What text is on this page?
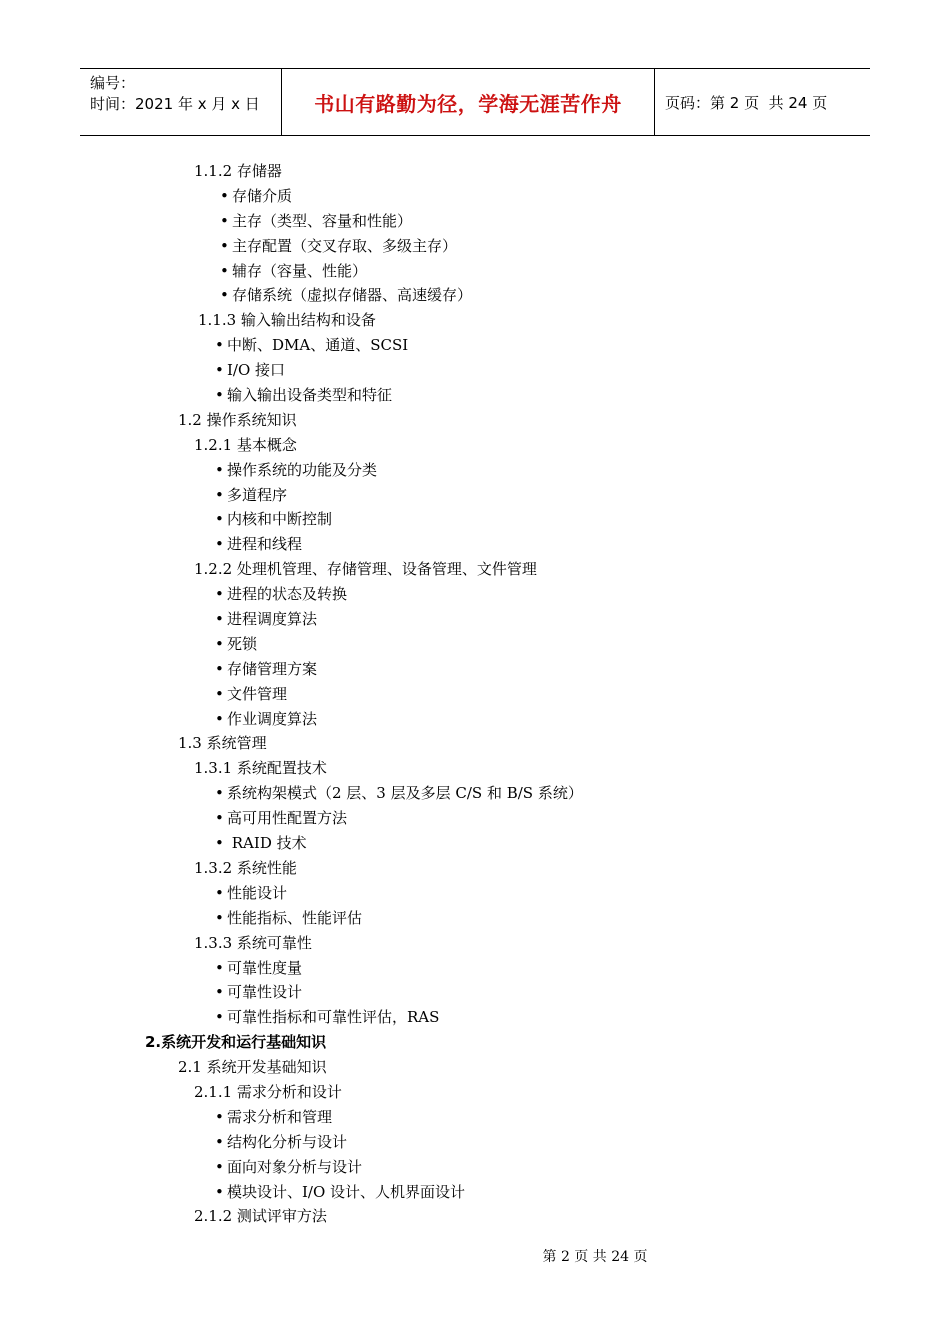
编号：
时间：2021 年 x 月 x 日	书山有路勤为径，学海无涯苦作舟	页码：第 2 页  共 24 页
1.1.2 存储器
• 存储介质
• 主存（类型、容量和性能）
• 主存配置（交叉存取、多级主存）
• 辅存（容量、性能）
• 存储系统（虚拟存储器、高速缓存）
1.1.3 输入输出结构和设备
• 中断、DMA、通道、SCSI
• I/O 接口
• 输入输出设备类型和特征
1.2 操作系统知识
1.2.1 基本概念
• 操作系统的功能及分类
• 多道程序
• 内核和中断控制
• 进程和线程
1.2.2 处理机管理、存储管理、设备管理、文件管理
• 进程的状态及转换
• 进程调度算法
• 死锁
• 存储管理方案
• 文件管理
• 作业调度算法
1.3 系统管理
1.3.1 系统配置技术
• 系统构架模式（2 层、3 层及多层 C/S 和 B/S 系统）
• 高可用性配置方法
• RAID 技术
1.3.2 系统性能
• 性能设计
• 性能指标、性能评估
1.3.3 系统可靠性
• 可靠性度量
• 可靠性设计
• 可靠性指标和可靠性评估，RAS
2.系统开发和运行基础知识
2.1 系统开发基础知识
2.1.1 需求分析和设计
• 需求分析和管理
• 结构化分析与设计
• 面向对象分析与设计
• 模块设计、I/O 设计、人机界面设计
2.1.2 测试评审方法
第 2 页 共 24 页
